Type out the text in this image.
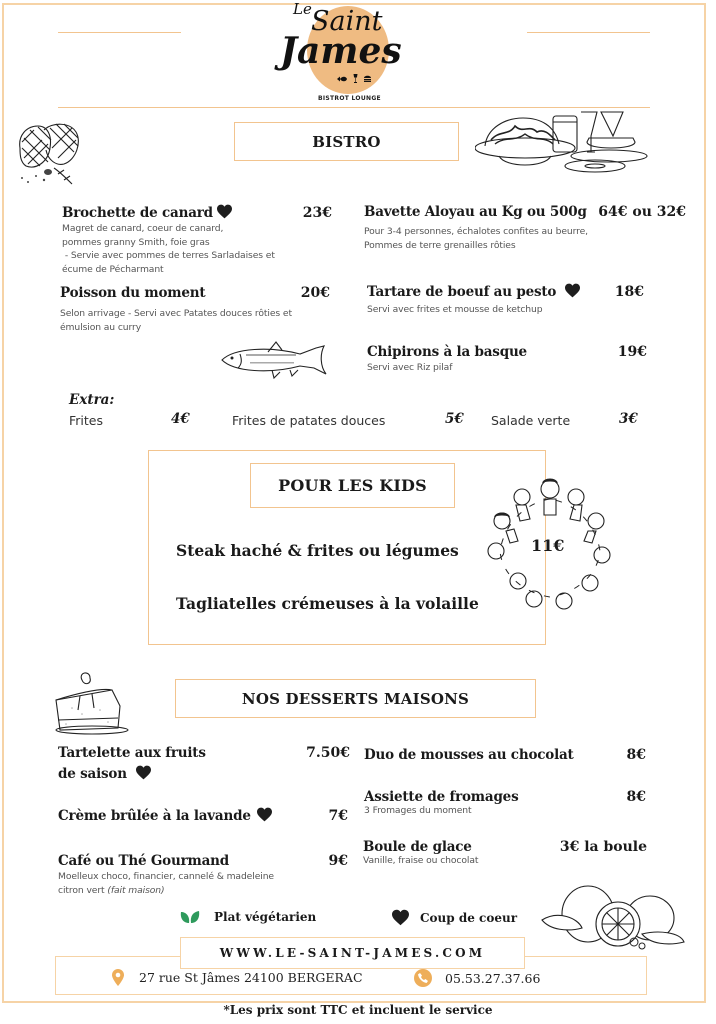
Le Saint
James
BISTROT LOUNGE
BISTRO
Brochette de canard	23€
Magret de canard, coeur de canard,
pommes granny Smith, foie gras
- Servie avec pommes de terres Sarladaises et
écume de Pécharmant
Poisson du moment	20€
Selon arrivage - Servi avec Patates douces rôties et
émulsion au curry
Bavette Aloyau au Kg ou 500g 64€ ou 32€
Pour 3-4 personnes, échalotes confites au beurre,
Pommes de terre grenailles rôties
Tartare de boeuf au pesto	18€
Servi avec frites et mousse de ketchup
Chipirons à la basque	19€
Servi avec Riz pilaf
Extra:
Frites	4€	Frites de patates douces	5€ Salade verte	3€
POUR LES KIDS
Steak haché & frites ou légumes
Tagliatelles crémeuses à la volaille
11€
NOS DESSERTS MAISONS
Tartelette aux fruits	7.50€
de saison
Crème brûlée à la lavande	7€
Café ou Thé Gourmand	9€
Moelleux choco, financier, cannelé & madeleine
citron vert (fait maison)
Duo de mousses au chocolat	8€
Assiette de fromages	8€
3 Fromages du moment
Boule de glace	3€ la boule
Vanille, fraise ou chocolat
Plat végétarien	Coup de coeur
WWW.LE-SAINT-JAMES.COM
27 rue St Jâmes 24100 BERGERAC	05.53.27.37.66
*Les prix sont TTC et incluent le service
